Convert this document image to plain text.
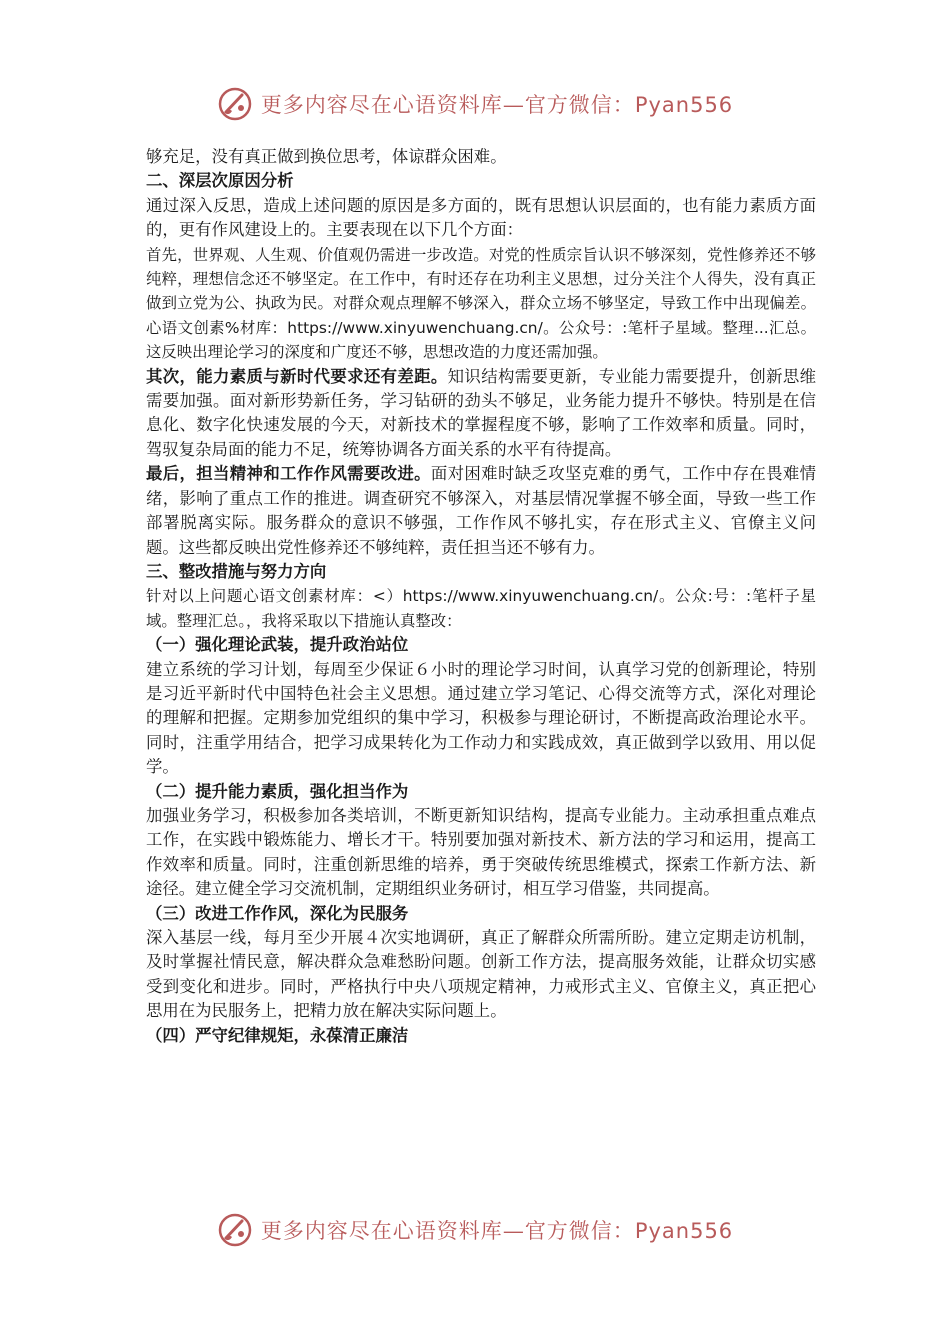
更多内容尽在心语资料库—官方微信：Pyan556

够充足，没有真正做到换位思考，体谅群众困难。

二、深层次原因分析

通过深入反思，造成上述问题的原因是多方面的，既有思想认识层面的，也有能力素质方面的，更有作风建设上的。主要表现在以下几个方面：

首先，世界观、人生观、价值观仍需进一步改造。对党的性质宗旨认识不够深刻，党性修养还不够纯粹，理想信念还不够坚定。在工作中，有时还存在功利主义思想，过分关注个人得失，没有真正做到立党为公、执政为民。对群众观点理解不够深入，群众立场不够坚定，导致工作中出现偏差。心语文创素%材库：https://www.xinyuwenchuang.cn/。公众号：:笔杆子星域。整理...汇总。这反映出理论学习的深度和广度还不够，思想改造的力度还需加强。

其次，能力素质与新时代要求还有差距。知识结构需要更新，专业能力需要提升，创新思维需要加强。面对新形势新任务，学习钻研的劲头不够足，业务能力提升不够快。特别是在信息化、数字化快速发展的今天，对新技术的掌握程度不够，影响了工作效率和质量。同时，驾驭复杂局面的能力不足，统筹协调各方面关系的水平有待提高。

最后，担当精神和工作作风需要改进。面对困难时缺乏攻坚克难的勇气，工作中存在畏难情绪，影响了重点工作的推进。调查研究不够深入，对基层情况掌握不够全面，导致一些工作部署脱离实际。服务群众的意识不够强，工作作风不够扎实，存在形式主义、官僚主义问题。这些都反映出党性修养还不够纯粹，责任担当还不够有力。

三、整改措施与努力方向

针对以上问题心语文创素材库：<）https://www.xinyuwenchuang.cn/。公众:号：:笔杆子星域。整理汇总。，我将采取以下措施认真整改：

（一）强化理论武装，提升政治站位

建立系统的学习计划，每周至少保证６小时的理论学习时间，认真学习党的创新理论，特别是习近平新时代中国特色社会主义思想。通过建立学习笔记、心得交流等方式，深化对理论的理解和把握。定期参加党组织的集中学习，积极参与理论研讨，不断提高政治理论水平。同时，注重学用结合，把学习成果转化为工作动力和实践成效，真正做到学以致用、用以促学。

（二）提升能力素质，强化担当作为

加强业务学习，积极参加各类培训，不断更新知识结构，提高专业能力。主动承担重点难点工作，在实践中锻炼能力、增长才干。特别要加强对新技术、新方法的学习和运用，提高工作效率和质量。同时，注重创新思维的培养，勇于突破传统思维模式，探索工作新方法、新途径。建立健全学习交流机制，定期组织业务研讨，相互学习借鉴，共同提高。

（三）改进工作作风，深化为民服务

深入基层一线，每月至少开展４次实地调研，真正了解群众所需所盼。建立定期走访机制，及时掌握社情民意，解决群众急难愁盼问题。创新工作方法，提高服务效能，让群众切实感受到变化和进步。同时，严格执行中央八项规定精神，力戒形式主义、官僚主义，真正把心思用在为民服务上，把精力放在解决实际问题上。

（四）严守纪律规矩，永葆清正廉洁

更多内容尽在心语资料库—官方微信：Pyan556
